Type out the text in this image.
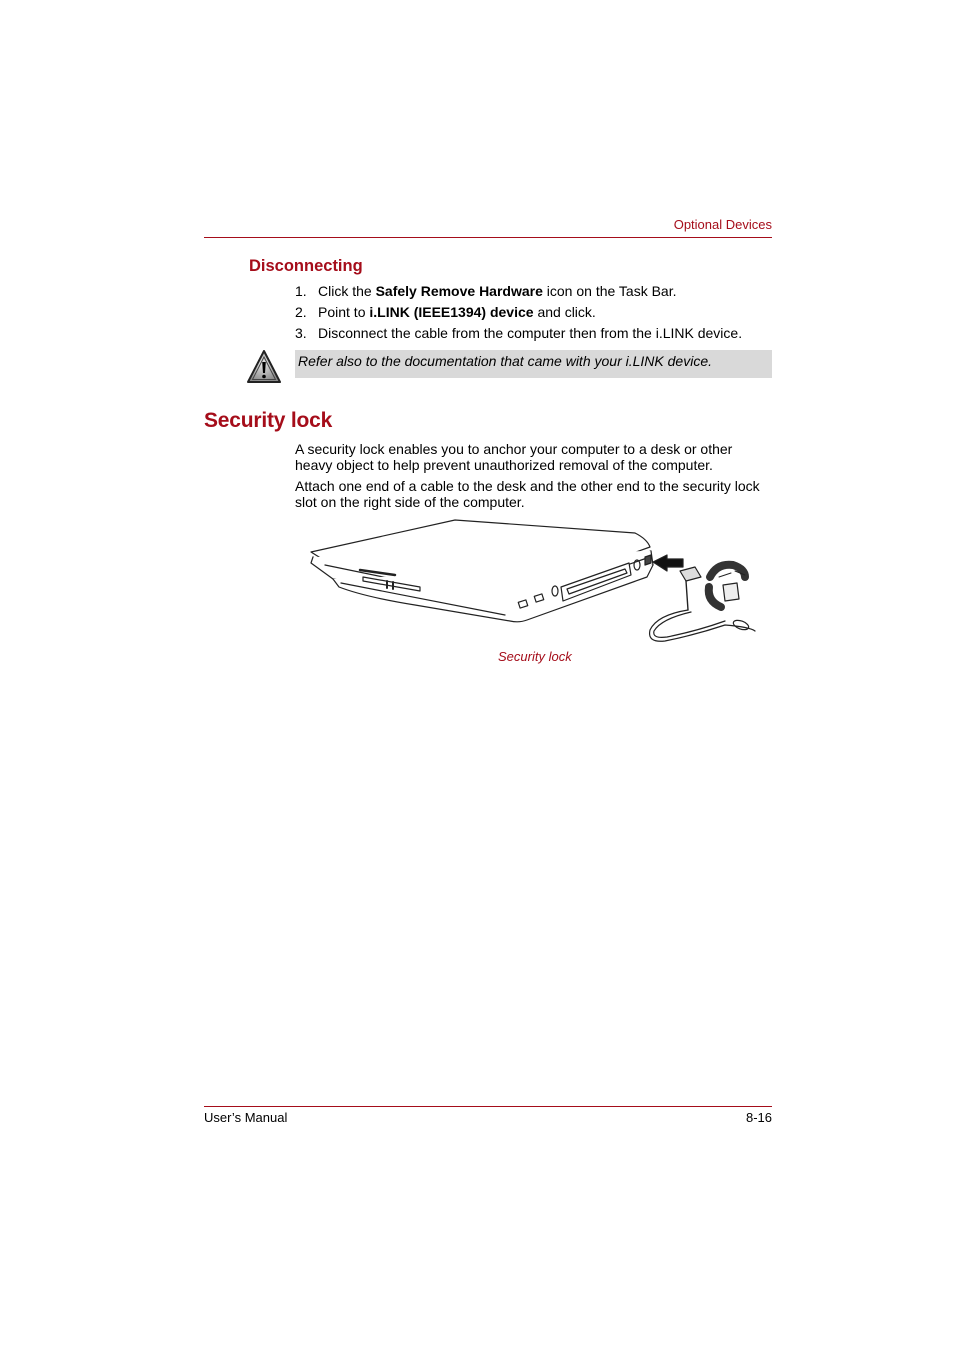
Optional Devices
Disconnecting
1. Click the Safely Remove Hardware icon on the Task Bar.
2. Point to i.LINK (IEEE1394) device and click.
3. Disconnect the cable from the computer then from the i.LINK device.
Refer also to the documentation that came with your i.LINK device.
Security lock
A security lock enables you to anchor your computer to a desk or other
heavy object to help prevent unauthorized removal of the computer.
Attach one end of a cable to the desk and the other end to the security lock
slot on the right side of the computer.
Security lock
User’s Manual	8-16
